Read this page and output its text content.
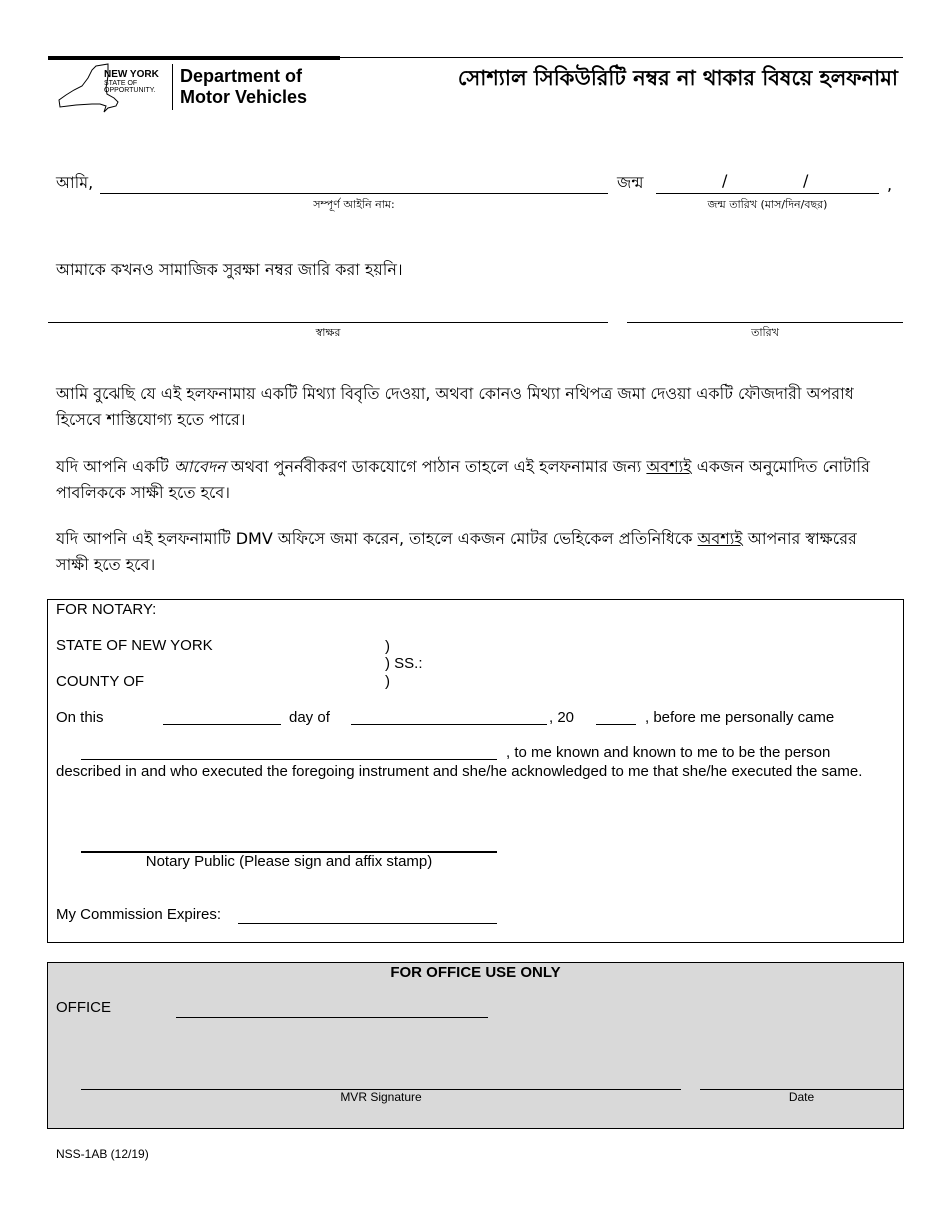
NEW YORK
STATE OF
OPPORTUNITY.
Department of
Motor Vehicles
সোশ্যাল সিকিউরিটি নম্বর না থাকার বিষয়ে হলফনামা
আমি,
সম্পূর্ণ আইনি নাম:
জন্ম	/	/	,
জন্ম তারিখ (মাস/দিন/বছর)
আমাকে কখনও সামাজিক সুরক্ষা নম্বর জারি করা হয়নি।
স্বাক্ষর	তারিখ
আমি বুঝেছি যে এই হলফনামায় একটি মিথ্যা বিবৃতি দেওয়া, অথবা কোনও মিথ্যা নথিপত্র জমা দেওয়া একটি ফৌজদারী অপরাধ হিসেবে শাস্তিযোগ্য হতে পারে।
যদি আপনি একটি আবেদন অথবা পুনর্নবীকরণ ডাকযোগে পাঠান তাহলে এই হলফনামার জন্য অবশ্যই একজন অনুমোদিত নোটারি পাবলিককে সাক্ষী হতে হবে।
যদি আপনি এই হলফনামাটি DMV অফিসে জমা করেন, তাহলে একজন মোটর ভেহিকেল প্রতিনিধিকে অবশ্যই আপনার স্বাক্ষরের সাক্ষী হতে হবে।
FOR NOTARY:
STATE OF NEW YORK	)
) SS.:
COUNTY OF	)
On this	day of	, 20	, before me personally came
, to me known and known to me to be the person
described in and who executed the foregoing instrument and she/he acknowledged to me that she/he executed the same.
Notary Public (Please sign and affix stamp)
My Commission Expires:
FOR OFFICE USE ONLY
OFFICE
MVR Signature	Date
NSS-1AB (12/19)
